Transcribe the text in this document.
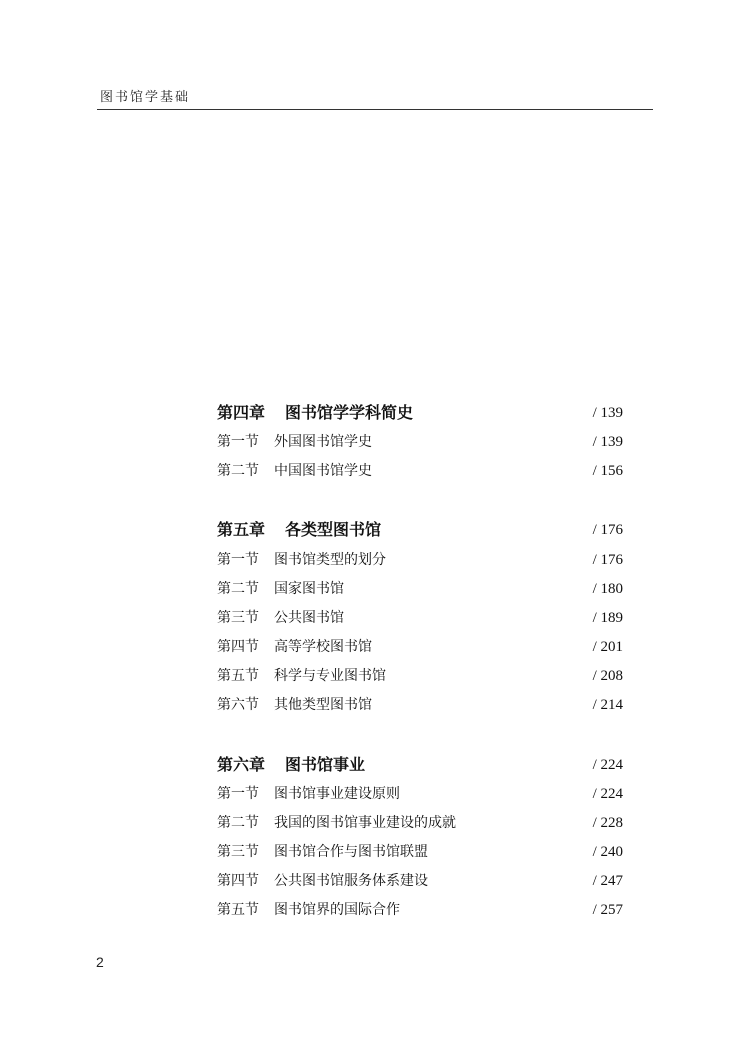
图书馆学基础
第四章 图书馆学学科简史	/ 139
第一节 外国图书馆学史	/ 139
第二节 中国图书馆学史	/ 156
第五章 各类型图书馆	/ 176
第一节 图书馆类型的划分	/ 176
第二节 国家图书馆	/ 180
第三节 公共图书馆	/ 189
第四节 高等学校图书馆	/ 201
第五节 科学与专业图书馆	/ 208
第六节 其他类型图书馆	/ 214
第六章 图书馆事业	/ 224
第一节 图书馆事业建设原则	/ 224
第二节 我国的图书馆事业建设的成就	/ 228
第三节 图书馆合作与图书馆联盟	/ 240
第四节 公共图书馆服务体系建设	/ 247
第五节 图书馆界的国际合作	/ 257
2
